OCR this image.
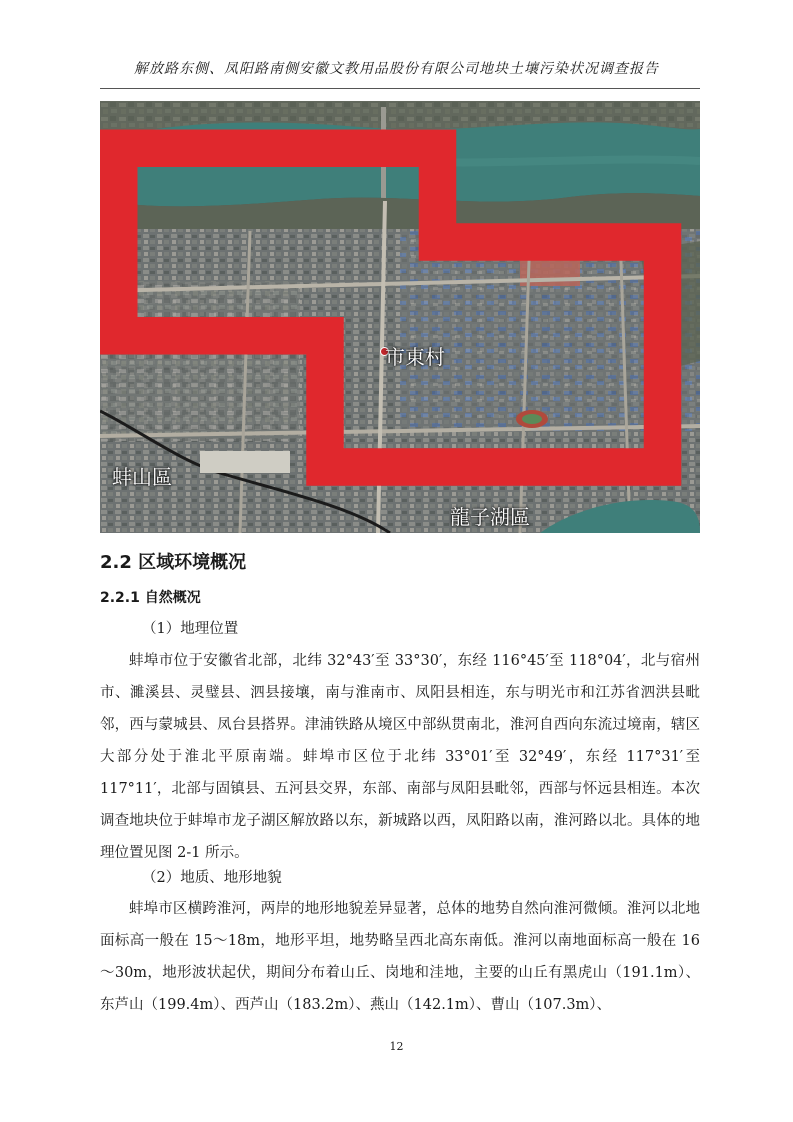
解放路东侧、凤阳路南侧安徽文教用品股份有限公司地块土壤污染状况调查报告
市東村
蚌山區
龍子湖區
2.2 区域环境概况
2.2.1 自然概况
（1）地理位置
蚌埠市位于安徽省北部，北纬 32°43′至 33°30′，东经 116°45′至 118°04′，北与宿州市、濉溪县、灵璧县、泗县接壤，南与淮南市、凤阳县相连，东与明光市和江苏省泗洪县毗邻，西与蒙城县、凤台县搭界。津浦铁路从境区中部纵贯南北，淮河自西向东流过境南，辖区大部分处于淮北平原南端。蚌埠市区位于北纬 33°01′至 32°49′，东经 117°31′至 117°11′，北部与固镇县、五河县交界，东部、南部与凤阳县毗邻，西部与怀远县相连。本次调查地块位于蚌埠市龙子湖区解放路以东，新城路以西，凤阳路以南，淮河路以北。具体的地理位置见图 2-1 所示。
（2）地质、地形地貌
蚌埠市区横跨淮河，两岸的地形地貌差异显著，总体的地势自然向淮河微倾。淮河以北地面标高一般在 15～18m，地形平坦，地势略呈西北高东南低。淮河以南地面标高一般在 16～30m，地形波状起伏，期间分布着山丘、岗地和洼地，主要的山丘有黑虎山（191.1m）、东芦山（199.4m）、西芦山（183.2m）、燕山（142.1m）、曹山（107.3m）、
12
